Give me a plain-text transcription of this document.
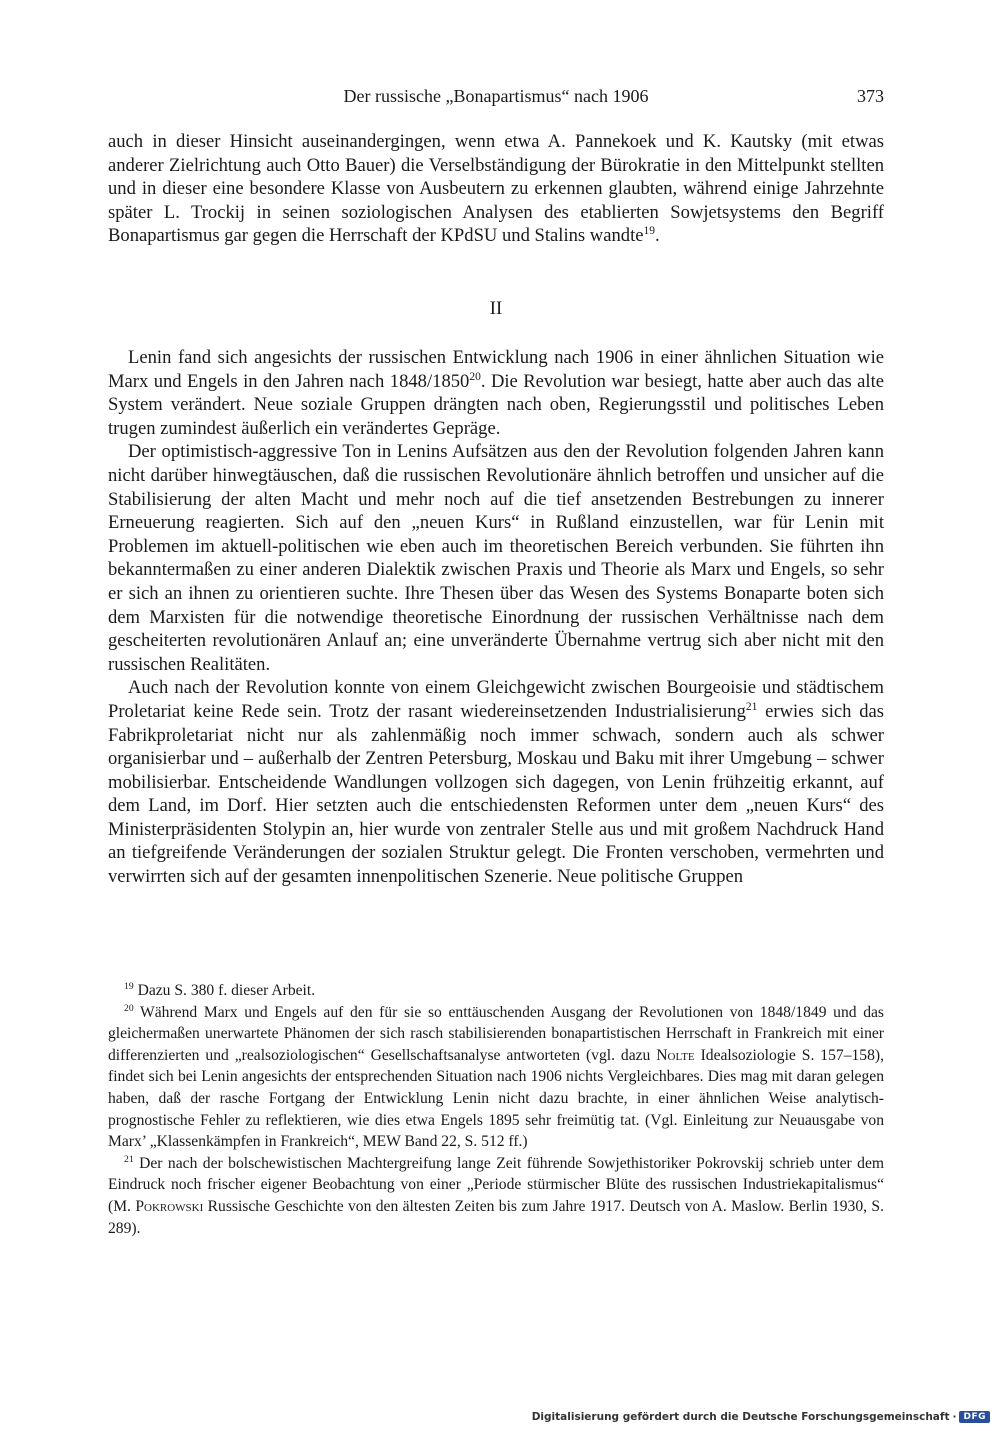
Der russische „Bonapartismus“ nach 1906	373

auch in dieser Hinsicht auseinandergingen, wenn etwa A. Pannekoek und K. Kautsky (mit etwas anderer Zielrichtung auch Otto Bauer) die Verselbständigung der Bürokratie in den Mittelpunkt stellten und in dieser eine besondere Klasse von Ausbeutern zu erkennen glaubten, während einige Jahrzehnte später L. Trockij in seinen soziologischen Analysen des etablierten Sowjetsystems den Begriff Bonapartismus gar gegen die Herrschaft der KPdSU und Stalins wandte$^{19}$.

II

Lenin fand sich angesichts der russischen Entwicklung nach 1906 in einer ähnlichen Situation wie Marx und Engels in den Jahren nach 1848/1850$^{20}$. Die Revolution war besiegt, hatte aber auch das alte System verändert. Neue soziale Gruppen drängten nach oben, Regierungsstil und politisches Leben trugen zumindest äußerlich ein verändertes Gepräge.

Der optimistisch-aggressive Ton in Lenins Aufsätzen aus den der Revolution folgenden Jahren kann nicht darüber hinwegtäuschen, daß die russischen Revolutionäre ähnlich betroffen und unsicher auf die Stabilisierung der alten Macht und mehr noch auf die tief ansetzenden Bestrebungen zu innerer Erneuerung reagierten. Sich auf den „neuen Kurs“ in Rußland einzustellen, war für Lenin mit Problemen im aktuell-politischen wie eben auch im theoretischen Bereich verbunden. Sie führten ihn bekanntermaßen zu einer anderen Dialektik zwischen Praxis und Theorie als Marx und Engels, so sehr er sich an ihnen zu orientieren suchte. Ihre Thesen über das Wesen des Systems Bonaparte boten sich dem Marxisten für die notwendige theoretische Einordnung der russischen Verhältnisse nach dem gescheiterten revolutionären Anlauf an; eine unveränderte Übernahme vertrug sich aber nicht mit den russischen Realitäten.

Auch nach der Revolution konnte von einem Gleichgewicht zwischen Bourgeoisie und städtischem Proletariat keine Rede sein. Trotz der rasant wiedereinsetzenden Industrialisierung$^{21}$ erwies sich das Fabrikproletariat nicht nur als zahlenmäßig noch immer schwach, sondern auch als schwer organisierbar und – außerhalb der Zentren Petersburg, Moskau und Baku mit ihrer Umgebung – schwer mobilisierbar. Entscheidende Wandlungen vollzogen sich dagegen, von Lenin frühzeitig erkannt, auf dem Land, im Dorf. Hier setzten auch die entschiedensten Reformen unter dem „neuen Kurs“ des Ministerpräsidenten Stolypin an, hier wurde von zentraler Stelle aus und mit großem Nachdruck Hand an tiefgreifende Veränderungen der sozialen Struktur gelegt. Die Fronten verschoben, vermehrten und verwirrten sich auf der gesamten innenpolitischen Szenerie. Neue politische Gruppen

$^{19}$ Dazu S. 380 f. dieser Arbeit.

$^{20}$ Während Marx und Engels auf den für sie so enttäuschenden Ausgang der Revolutionen von 1848/1849 und das gleichermaßen unerwartete Phänomen der sich rasch stabilisierenden bonapartistischen Herrschaft in Frankreich mit einer differenzierten und „realsoziologischen“ Gesellschaftsanalyse antworteten (vgl. dazu Nolte Idealsoziologie S. 157–158), findet sich bei Lenin angesichts der entsprechenden Situation nach 1906 nichts Vergleichbares. Dies mag mit daran gelegen haben, daß der rasche Fortgang der Entwicklung Lenin nicht dazu brachte, in einer ähnlichen Weise analytisch-prognostische Fehler zu reflektieren, wie dies etwa Engels 1895 sehr freimütig tat. (Vgl. Einleitung zur Neuausgabe von Marx’ „Klassenkämpfen in Frankreich“, MEW Band 22, S. 512 ff.)

$^{21}$ Der nach der bolschewistischen Machtergreifung lange Zeit führende Sowjethistoriker Pokrovskij schrieb unter dem Eindruck noch frischer eigener Beobachtung von einer „Periode stürmischer Blüte des russischen Industriekapitalismus“ (M. Pokrowski Russische Geschichte von den ältesten Zeiten bis zum Jahre 1917. Deutsch von A. Maslow. Berlin 1930, S. 289).

Digitalisierung gefördert durch die Deutsche Forschungsgemeinschaft · DFG
